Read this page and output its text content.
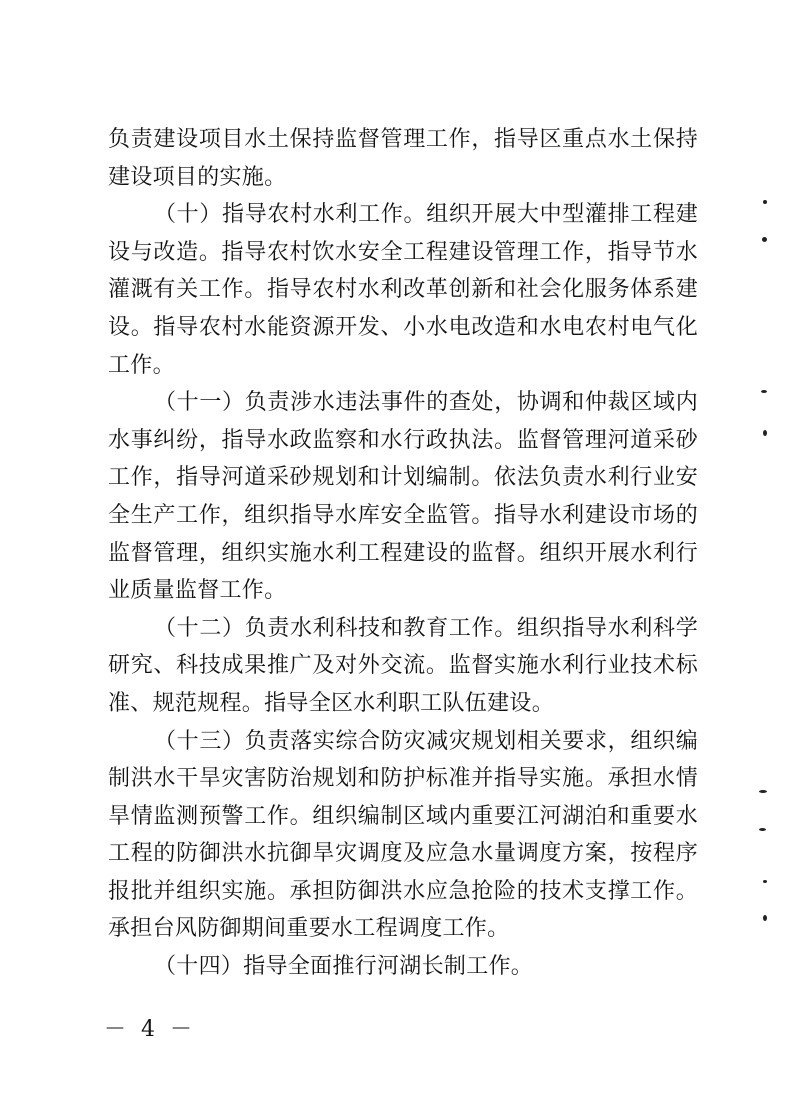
负责建设项目水土保持监督管理工作，指导区重点水土保持建设项目的实施。

（十）指导农村水利工作。组织开展大中型灌排工程建设与改造。指导农村饮水安全工程建设管理工作，指导节水灌溉有关工作。指导农村水利改革创新和社会化服务体系建设。指导农村水能资源开发、小水电改造和水电农村电气化工作。

（十一）负责涉水违法事件的查处，协调和仲裁区域内水事纠纷，指导水政监察和水行政执法。监督管理河道采砂工作，指导河道采砂规划和计划编制。依法负责水利行业安全生产工作，组织指导水库安全监管。指导水利建设市场的监督管理，组织实施水利工程建设的监督。组织开展水利行业质量监督工作。

（十二）负责水利科技和教育工作。组织指导水利科学研究、科技成果推广及对外交流。监督实施水利行业技术标准、规范规程。指导全区水利职工队伍建设。

（十三）负责落实综合防灾减灾规划相关要求，组织编制洪水干旱灾害防治规划和防护标准并指导实施。承担水情旱情监测预警工作。组织编制区域内重要江河湖泊和重要水工程的防御洪水抗御旱灾调度及应急水量调度方案，按程序报批并组织实施。承担防御洪水应急抢险的技术支撑工作。承担台风防御期间重要水工程调度工作。

（十四）指导全面推行河湖长制工作。

－ 4 －
